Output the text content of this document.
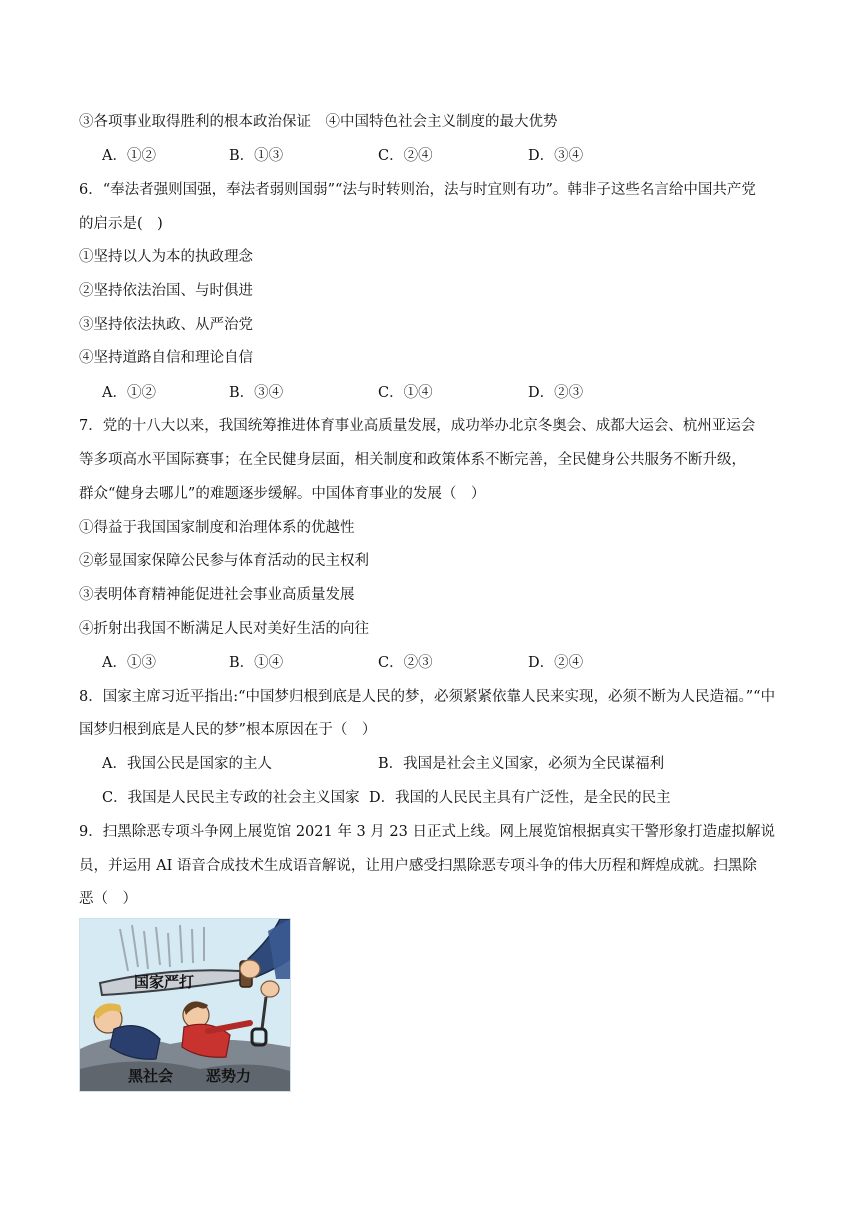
③各项事业取得胜利的根本政治保证　④中国特色社会主义制度的最大优势
A．①②	B．①③	C．②④	D．③④
6．“奉法者强则国强，奉法者弱则国弱”“法与时转则治，法与时宜则有功”。韩非子这些名言给中国共产党
的启示是(　)
①坚持以人为本的执政理念
②坚持依法治国、与时俱进
③坚持依法执政、从严治党
④坚持道路自信和理论自信
A．①②	B．③④	C．①④	D．②③
7．党的十八大以来，我国统筹推进体育事业高质量发展，成功举办北京冬奥会、成都大运会、杭州亚运会
等多项高水平国际赛事；在全民健身层面，相关制度和政策体系不断完善，全民健身公共服务不断升级，
群众“健身去哪儿”的难题逐步缓解。中国体育事业的发展（　）
①得益于我国国家制度和治理体系的优越性
②彰显国家保障公民参与体育活动的民主权利
③表明体育精神能促进社会事业高质量发展
④折射出我国不断满足人民对美好生活的向往
A．①③	B．①④	C．②③	D．②④
8．国家主席习近平指出:“中国梦归根到底是人民的梦，必须紧紧依靠人民来实现，必须不断为人民造福。”“中
国梦归根到底是人民的梦”根本原因在于（　）
A．我国公民是国家的主人	B．我国是社会主义国家，必须为全民谋福利
C．我国是人民民主专政的社会主义国家 D．我国的人民民主具有广泛性，是全民的民主
9．扫黑除恶专项斗争网上展览馆 2021 年 3 月 23 日正式上线。网上展览馆根据真实干警形象打造虚拟解说
员，并运用 AI 语音合成技术生成语音解说，让用户感受扫黑除恶专项斗争的伟大历程和辉煌成就。扫黑除
恶（　）
国家严打
黑社会 恶势力
